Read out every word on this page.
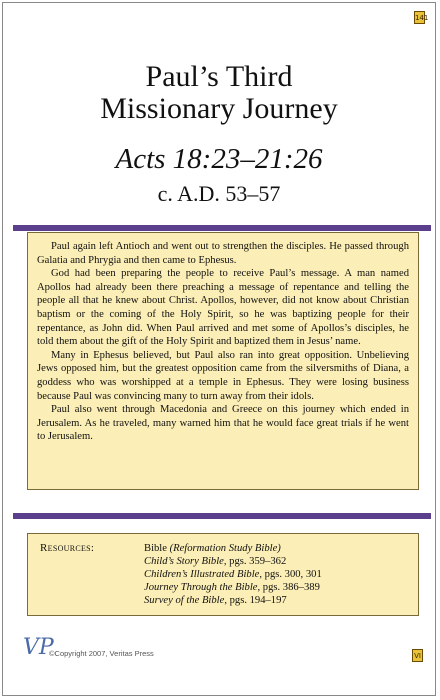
141
Paul’s Third
Missionary Journey
Acts 18:23–21:26
c. A.D. 53–57

Paul again left Antioch and went out to strengthen the disciples. He passed through Galatia and Phrygia and then came to Ephesus.

God had been preparing the people to receive Paul’s message. A man named Apollos had already been there preaching a message of repentance and telling the people all that he knew about Christ. Apollos, however, did not know about Christian baptism or the coming of the Holy Spirit, so he was baptizing people for their repentance, as John did. When Paul arrived and met some of Apollos’s disciples, he told them about the gift of the Holy Spirit and baptized them in Jesus’ name.

Many in Ephesus believed, but Paul also ran into great opposition. Unbelieving Jews opposed him, but the greatest opposition came from the silversmiths of Diana, a goddess who was worshipped at a temple in Ephesus. They were losing business because Paul was convincing many to turn away from their idols.

Paul also went through Macedonia and Greece on this journey which ended in Jerusalem. As he traveled, many warned him that he would face great trials if he went to Jerusalem.

Resources:	Bible (Reformation Study Bible)
Child’s Story Bible, pgs. 359–362
Children’s Illustrated Bible, pgs. 300, 301
Journey Through the Bible, pgs. 386–389
Survey of the Bible, pgs. 194–197
VP
©Copyright 2007, Veritas Press	VI
